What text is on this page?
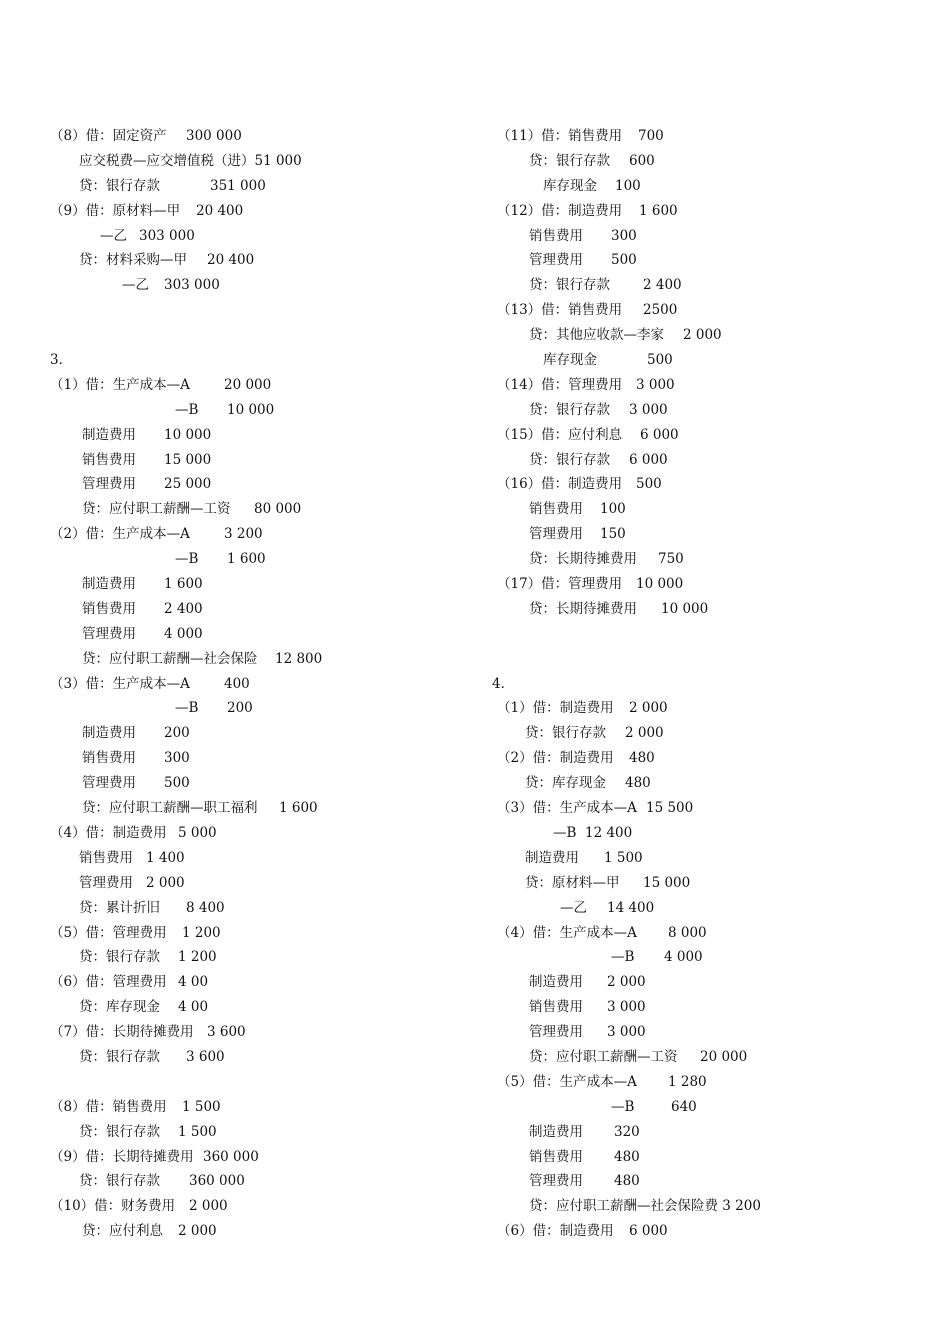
（8）借：固定资产 300 000
应交税费—应交增值税（进）51 000
贷：银行存款	351 000
（9）借：原材料—甲 20 400
—乙 303 000
贷：材料采购—甲 20 400
—乙 303 000
3．
（1）借：生产成本—A	20 000
—B 10 000
制造费用 10 000
销售费用 15 000
管理费用 25 000
贷：应付职工薪酬—工资 80 000
（2）借：生产成本—A	3 200
—B 1 600
制造费用 1 600
销售费用 2 400
管理费用 4 000
贷：应付职工薪酬—社会保险 12 800
（3）借：生产成本—A	400
—B 200
制造费用 200
销售费用 300
管理费用 500
贷：应付职工薪酬—职工福利 1 600
（4）借：制造费用 5 000
销售费用 1 400
管理费用 2 000
贷：累计折旧 8 400
（5）借：管理费用 1 200
贷：银行存款 1 200
（6）借：管理费用 4 00
贷：库存现金 4 00
（7）借：长期待摊费用 3 600
贷：银行存款 3 600
（8）借：销售费用 1 500
贷：银行存款 1 500
（9）借：长期待摊费用 360 000
贷：银行存款 360 000
（10）借：财务费用 2 000
贷：应付利息 2 000
（11）借：销售费用 700
贷：银行存款 600
库存现金 100
（12）借：制造费用 1 600
销售费用 300
管理费用 500
贷：银行存款 2 400
（13）借：销售费用 2500
贷：其他应收款—李家 2 000
库存现金	500
（14）借：管理费用 3 000
贷：银行存款 3 000
（15）借：应付利息 6 000
贷：银行存款 6 000
（16）借：制造费用 500
销售费用 100
管理费用 150
贷：长期待摊费用 750
（17）借：管理费用 10 000
贷：长期待摊费用 10 000
4．
（1）借：制造费用 2 000
贷：银行存款 2 000
（2）借：制造费用 480
贷：库存现金 480
（3）借：生产成本—A 15 500
—B 12 400
制造费用 1 500
贷：原材料—甲 15 000
—乙 14 400
（4）借：生产成本—A 8 000
—B 4 000
制造费用 2 000
销售费用 3 000
管理费用 3 000
贷：应付职工薪酬—工资 20 000
（5）借：生产成本—A 1 280
—B	640
制造费用 320
销售费用 480
管理费用 480
贷：应付职工薪酬—社会保险费 3 200
（6）借：制造费用 6 000
